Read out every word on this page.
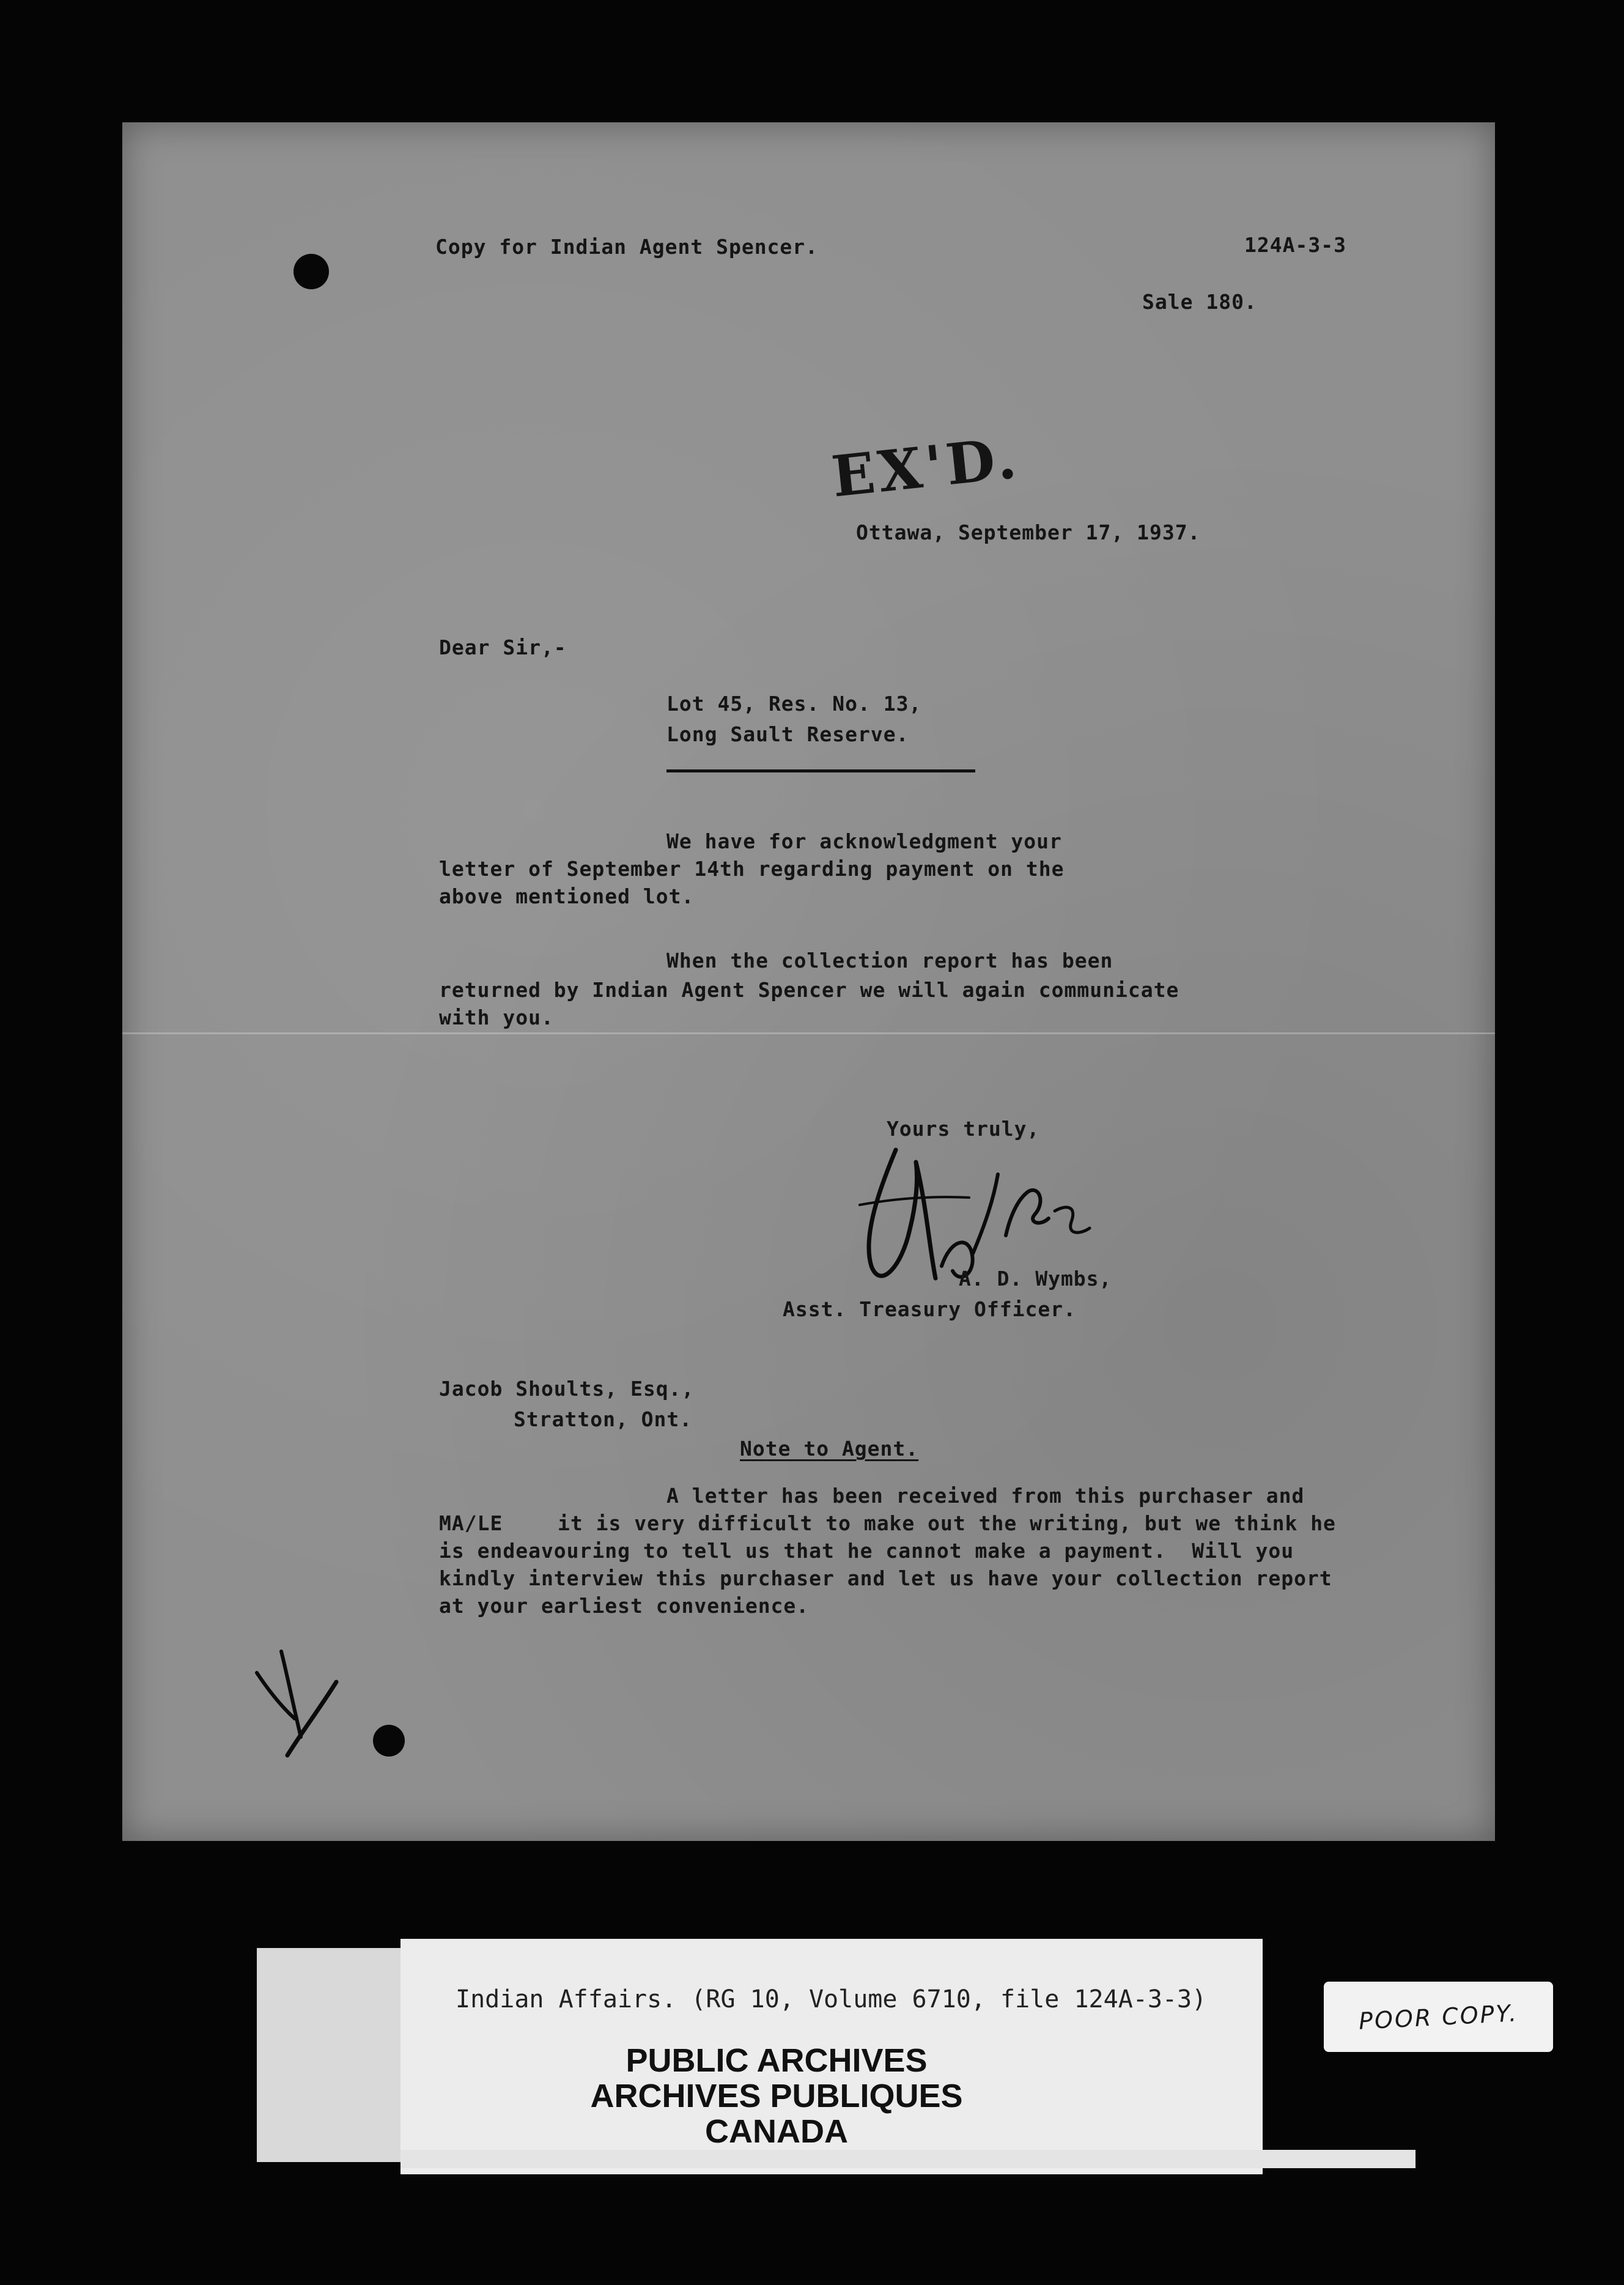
Copy for Indian Agent Spencer.	124A-3-3

Sale 180.

EX'D.

Ottawa, September 17, 1937.

Dear Sir,-

Lot 45, Res. No. 13,

Long Sault Reserve.

We have for acknowledgment your

letter of September 14th regarding payment on the

above mentioned lot.

When the collection report has been

returned by Indian Agent Spencer we will again communicate

with you.

Yours truly,

A. D. Wymbs,

Asst. Treasury Officer.

Jacob Shoults, Esq.,

Stratton, Ont.

Note to Agent.

A letter has been received from this purchaser and

MA/LE	it is very difficult to make out the writing, but we think he

is endeavouring to tell us that he cannot make a payment.  Will you

kindly interview this purchaser and let us have your collection report

at your earliest convenience.

Indian Affairs. (RG 10, Volume 6710, file 124A-3-3)

PUBLIC ARCHIVES

ARCHIVES PUBLIQUES

CANADA

POOR COPY.
